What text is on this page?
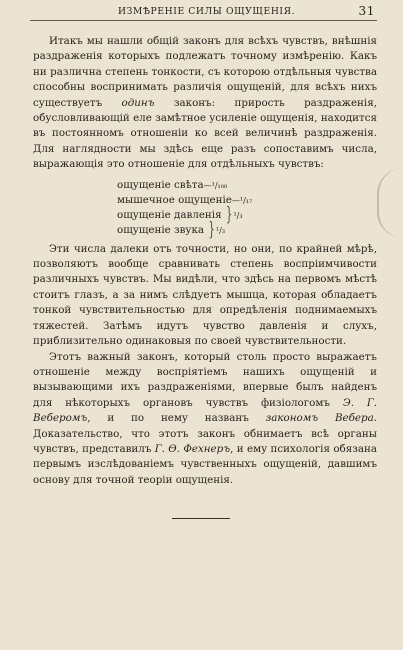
ИЗМѢРЕНІЕ СИЛЫ ОЩУЩЕНІЯ.	31

Итакъ мы нашли общій законъ для всѣхъ чувствъ, внѣшнія раздраженія которыхъ подлежатъ точному измѣренію. Какъ ни различна степень тонкости, съ которою отдѣльныя чувства способны воспринимать различія ощущеній, для всѣхъ нихъ существуетъ одинъ законъ: прирость раздраженія, обусловливающій еле замѣтное усиленіе ощущенія, находится въ постоянномъ отношеніи ко всей величинѣ раздраженія. Для наглядности мы здѣсь еще разъ сопоставимъ числа, выражающія это отношеніе для отдѣльныхъ чувствъ:

ощущеніе свѣта—¹/₁₀₀
мышечное ощущеніе—¹/₁₇
ощущеніе давленія }¹/₃
ощущеніе звука }¹/₃

Эти числа далеки отъ точности, но они, по крайней мѣрѣ, позволяютъ вообще сравнивать степень воспріимчивости различныхъ чувствъ. Мы видѣли, что здѣсь на первомъ мѣстѣ стоитъ глазъ, а за нимъ слѣдуетъ мышца, которая обладаетъ тонкой чувствительностью для опредѣленія поднимаемыхъ тяжестей. Затѣмъ идутъ чувство давленія и слухъ, приблизительно одинаковыя по своей чувствительности.

Этотъ важный законъ, который столь просто выражаетъ отношеніе между воспріятіемъ нашихъ ощущеній и вызывающими ихъ раздраженіями, впервые былъ найденъ для нѣкоторыхъ органовъ чувствъ физіологомъ Э. Г. Веберомъ, и по нему названъ закономъ Вебера. Доказательство, что этотъ законъ обнимаетъ всѣ органы чувствъ, представилъ Г. Ѳ. Фехнеръ, и ему психологія обязана первымъ изслѣдованіемъ чувственныхъ ощущеній, давшимъ основу для точной теоріи ощущенія.
